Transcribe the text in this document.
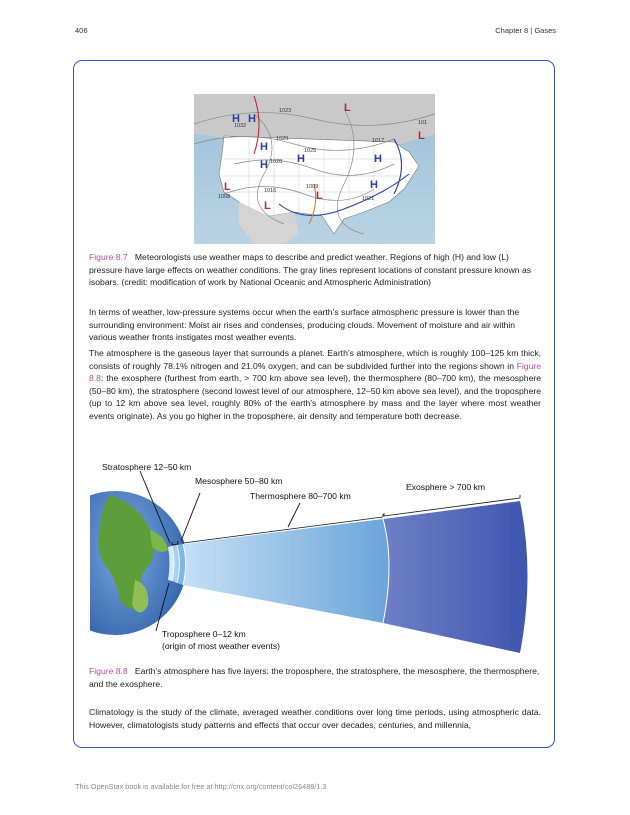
406	Chapter 8 | Gases
H H
H
H	H	H
H
L
L
L
L
L
1023
1032
1029
1025
1028
1017
1009
1016
1008	1021
101
Figure 8.7 Meteorologists use weather maps to describe and predict weather. Regions of high (H) and low (L) pressure have large effects on weather conditions. The gray lines represent locations of constant pressure known as isobars. (credit: modification of work by National Oceanic and Atmospheric Administration)
In terms of weather, low-pressure systems occur when the earth’s surface atmospheric pressure is lower than the surrounding environment: Moist air rises and condenses, producing clouds. Movement of moisture and air within various weather fronts instigates most weather events.
The atmosphere is the gaseous layer that surrounds a planet. Earth’s atmosphere, which is roughly 100–125 km thick, consists of roughly 78.1% nitrogen and 21.0% oxygen, and can be subdivided further into the regions shown in Figure 8.8: the exosphere (furthest from earth, > 700 km above sea level), the thermosphere (80–700 km), the mesosphere (50–80 km), the stratosphere (second lowest level of our atmosphere, 12–50 km above sea level), and the troposphere (up to 12 km above sea level, roughly 80% of the earth’s atmosphere by mass and the layer where most weather events originate). As you go higher in the troposphere, air density and temperature both decrease.
Stratosphere 12–50 km
Mesosphere 50–80 km
Thermosphere 80–700 km
Exosphere > 700 km
Troposphere 0–12 km
(origin of most weather events)
Figure 8.8 Earth’s atmosphere has five layers: the troposphere, the stratosphere, the mesosphere, the thermosphere, and the exosphere.
Climatology is the study of the climate, averaged weather conditions over long time periods, using atmospheric data. However, climatologists study patterns and effects that occur over decades, centuries, and millennia,
This OpenStax book is available for free at http://cnx.org/content/col26488/1.3
